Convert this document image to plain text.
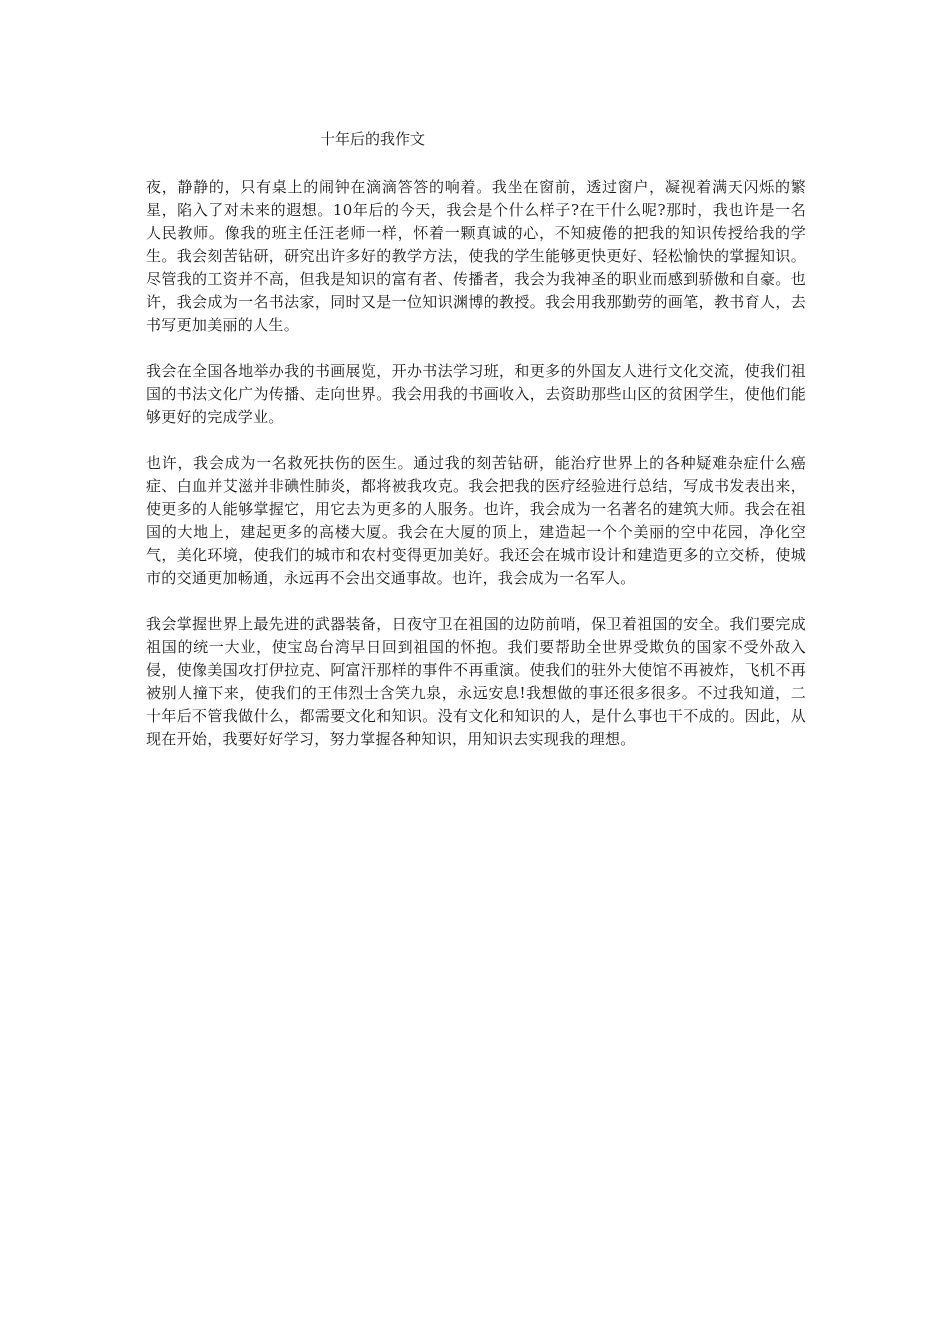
十年后的我作文

夜，静静的，只有桌上的闹钟在滴滴答答的响着。我坐在窗前，透过窗户，凝视着满天闪烁的繁星，陷入了对未来的遐想。10年后的今天，我会是个什么样子?在干什么呢?那时，我也许是一名人民教师。像我的班主任汪老师一样，怀着一颗真诚的心，不知疲倦的把我的知识传授给我的学生。我会刻苦钻研，研究出许多好的教学方法，使我的学生能够更快更好、轻松愉快的掌握知识。尽管我的工资并不高，但我是知识的富有者、传播者，我会为我神圣的职业而感到骄傲和自豪。也许，我会成为一名书法家，同时又是一位知识渊博的教授。我会用我那勤劳的画笔，教书育人，去书写更加美丽的人生。

我会在全国各地举办我的书画展览，开办书法学习班，和更多的外国友人进行文化交流，使我们祖国的书法文化广为传播、走向世界。我会用我的书画收入，去资助那些山区的贫困学生，使他们能够更好的完成学业。

也许，我会成为一名救死扶伤的医生。通过我的刻苦钻研，能治疗世界上的各种疑难杂症什么癌症、白血并艾滋并非碘性肺炎，都将被我攻克。我会把我的医疗经验进行总结，写成书发表出来，使更多的人能够掌握它，用它去为更多的人服务。也许，我会成为一名著名的建筑大师。我会在祖国的大地上，建起更多的高楼大厦。我会在大厦的顶上，建造起一个个美丽的空中花园，净化空气，美化环境，使我们的城市和农村变得更加美好。我还会在城市设计和建造更多的立交桥，使城市的交通更加畅通，永远再不会出交通事故。也许，我会成为一名军人。

我会掌握世界上最先进的武器装备，日夜守卫在祖国的边防前哨，保卫着祖国的安全。我们要完成祖国的统一大业，使宝岛台湾早日回到祖国的怀抱。我们要帮助全世界受欺负的国家不受外敌入侵，使像美国攻打伊拉克、阿富汗那样的事件不再重演。使我们的驻外大使馆不再被炸，飞机不再被别人撞下来，使我们的王伟烈士含笑九泉，永远安息!我想做的事还很多很多。不过我知道，二十年后不管我做什么，都需要文化和知识。没有文化和知识的人，是什么事也干不成的。因此，从现在开始，我要好好学习，努力掌握各种知识，用知识去实现我的理想。
